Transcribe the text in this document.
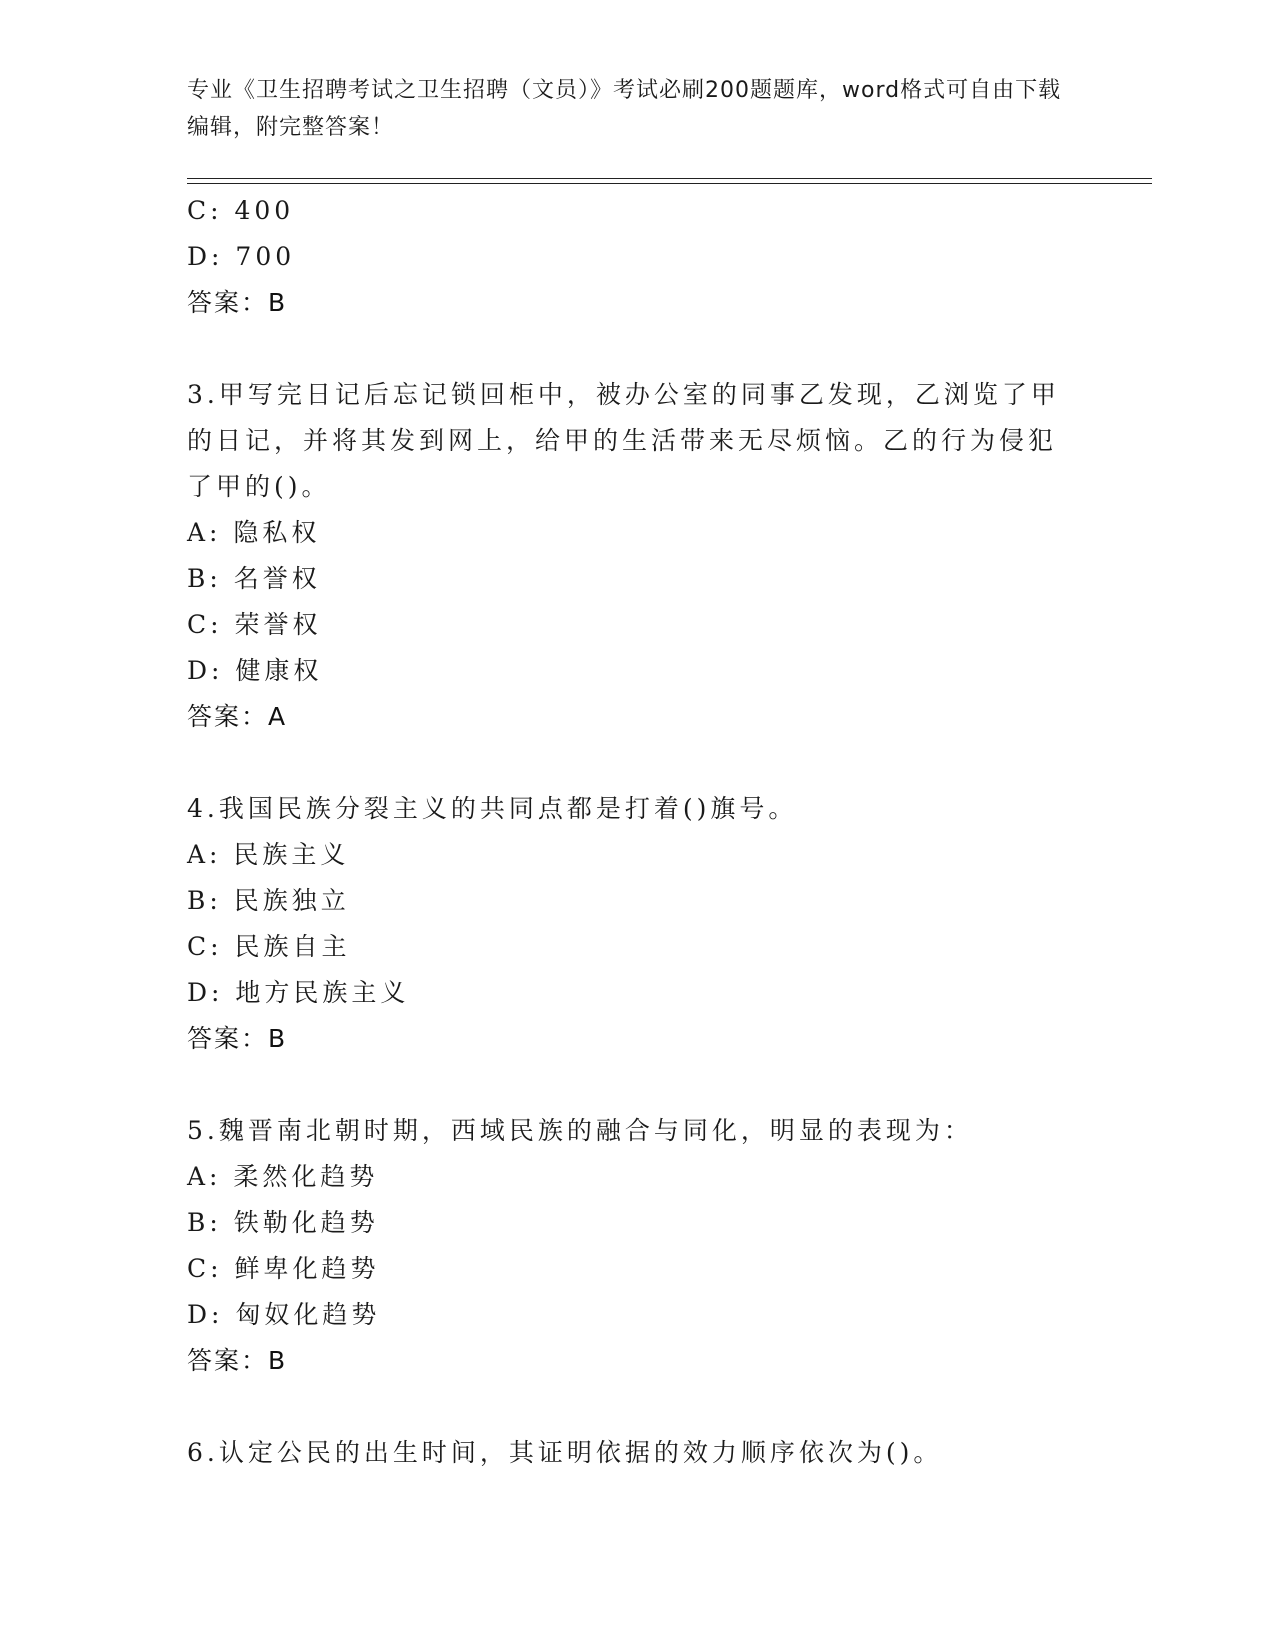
专业《卫生招聘考试之卫生招聘（文员）》考试必刷200题题库，word格式可自由下载编辑，附完整答案！
C: 400
D: 700
答案：B
3.甲写完日记后忘记锁回柜中，被办公室的同事乙发现，乙浏览了甲的日记，并将其发到网上，给甲的生活带来无尽烦恼。乙的行为侵犯了甲的()。
A: 隐私权
B: 名誉权
C: 荣誉权
D: 健康权
答案：A
4.我国民族分裂主义的共同点都是打着()旗号。
A: 民族主义
B: 民族独立
C: 民族自主
D: 地方民族主义
答案：B
5.魏晋南北朝时期，西域民族的融合与同化，明显的表现为：
A: 柔然化趋势
B: 铁勒化趋势
C: 鲜卑化趋势
D: 匈奴化趋势
答案：B
6.认定公民的出生时间，其证明依据的效力顺序依次为()。
